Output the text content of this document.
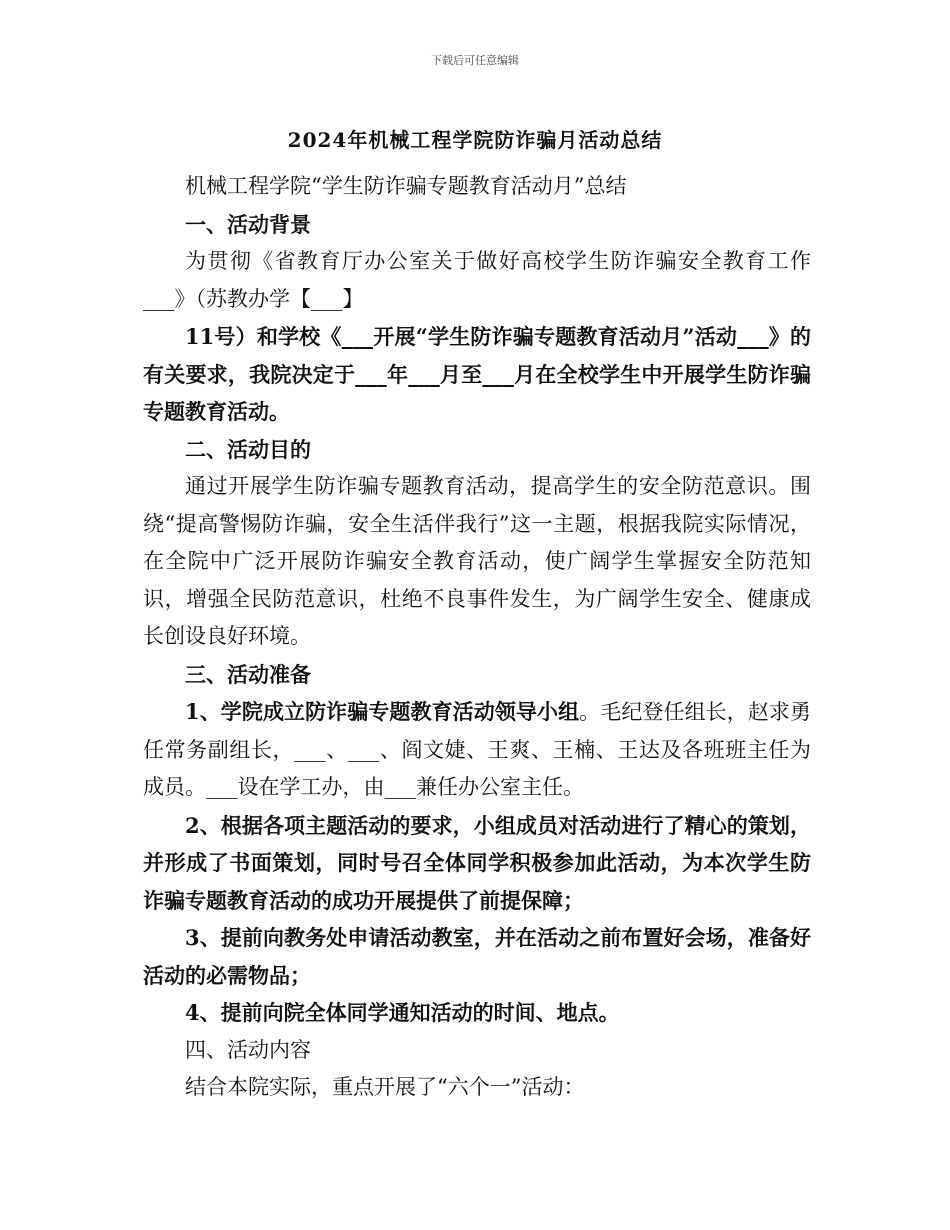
下载后可任意编辑
2024年机械工程学院防诈骗月活动总结

机械工程学院“学生防诈骗专题教育活动月”总结

一、活动背景

为贯彻《省教育厅办公室关于做好高校学生防诈骗安全教育工作___》（苏教办学【___】

11号）和学校《___开展“学生防诈骗专题教育活动月”活动___》的有关要求，我院决定于___年___月至___月在全校学生中开展学生防诈骗专题教育活动。

二、活动目的

通过开展学生防诈骗专题教育活动，提高学生的安全防范意识。围绕“提高警惕防诈骗，安全生活伴我行”这一主题，根据我院实际情况，在全院中广泛开展防诈骗安全教育活动，使广阔学生掌握安全防范知识，增强全民防范意识，杜绝不良事件发生，为广阔学生安全、健康成长创设良好环境。

三、活动准备

1、学院成立防诈骗专题教育活动领导小组。毛纪登任组长，赵求勇任常务副组长，___、___、阎文婕、王爽、王楠、王达及各班班主任为成员。___设在学工办，由___兼任办公室主任。

2、根据各项主题活动的要求，小组成员对活动进行了精心的策划，并形成了书面策划，同时号召全体同学积极参加此活动，为本次学生防诈骗专题教育活动的成功开展提供了前提保障；

3、提前向教务处申请活动教室，并在活动之前布置好会场，准备好活动的必需物品；

4、提前向院全体同学通知活动的时间、地点。

四、活动内容

结合本院实际，重点开展了“六个一”活动：
